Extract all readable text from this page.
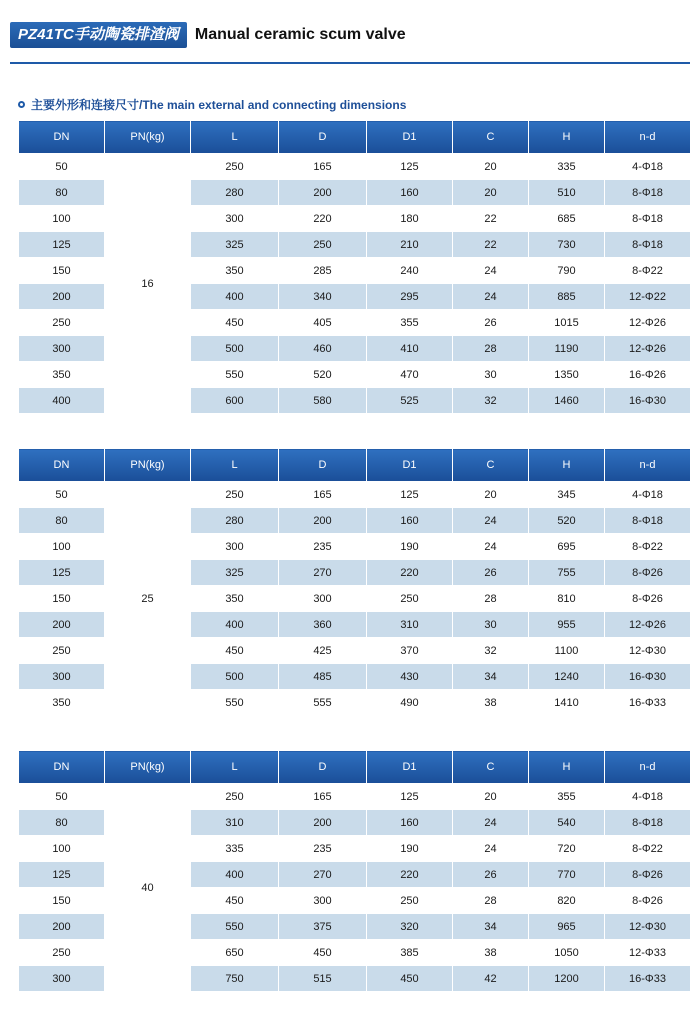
PZ41TC手动陶瓷排渣阀	Manual ceramic scum valve
主要外形和连接尺寸/The main external and connecting dimensions
DN	PN(kg)	L	D	D1	C	H	n-d
50	16	250	165	125	20	335	4-Φ18
80		280	200	160	20	510	8-Φ18
100		300	220	180	22	685	8-Φ18
125		325	250	210	22	730	8-Φ18
150		350	285	240	24	790	8-Φ22
200		400	340	295	24	885	12-Φ22
250		450	405	355	26	1015	12-Φ26
300		500	460	410	28	1190	12-Φ26
350		550	520	470	30	1350	16-Φ26
400		600	580	525	32	1460	16-Φ30
DN	PN(kg)	L	D	D1	C	H	n-d
50	25	250	165	125	20	345	4-Φ18
80		280	200	160	24	520	8-Φ18
100		300	235	190	24	695	8-Φ22
125		325	270	220	26	755	8-Φ26
150		350	300	250	28	810	8-Φ26
200		400	360	310	30	955	12-Φ26
250		450	425	370	32	1100	12-Φ30
300		500	485	430	34	1240	16-Φ30
350		550	555	490	38	1410	16-Φ33
DN	PN(kg)	L	D	D1	C	H	n-d
50	40	250	165	125	20	355	4-Φ18
80		310	200	160	24	540	8-Φ18
100		335	235	190	24	720	8-Φ22
125		400	270	220	26	770	8-Φ26
150		450	300	250	28	820	8-Φ26
200		550	375	320	34	965	12-Φ30
250		650	450	385	38	1050	12-Φ33
300		750	515	450	42	1200	16-Φ33
